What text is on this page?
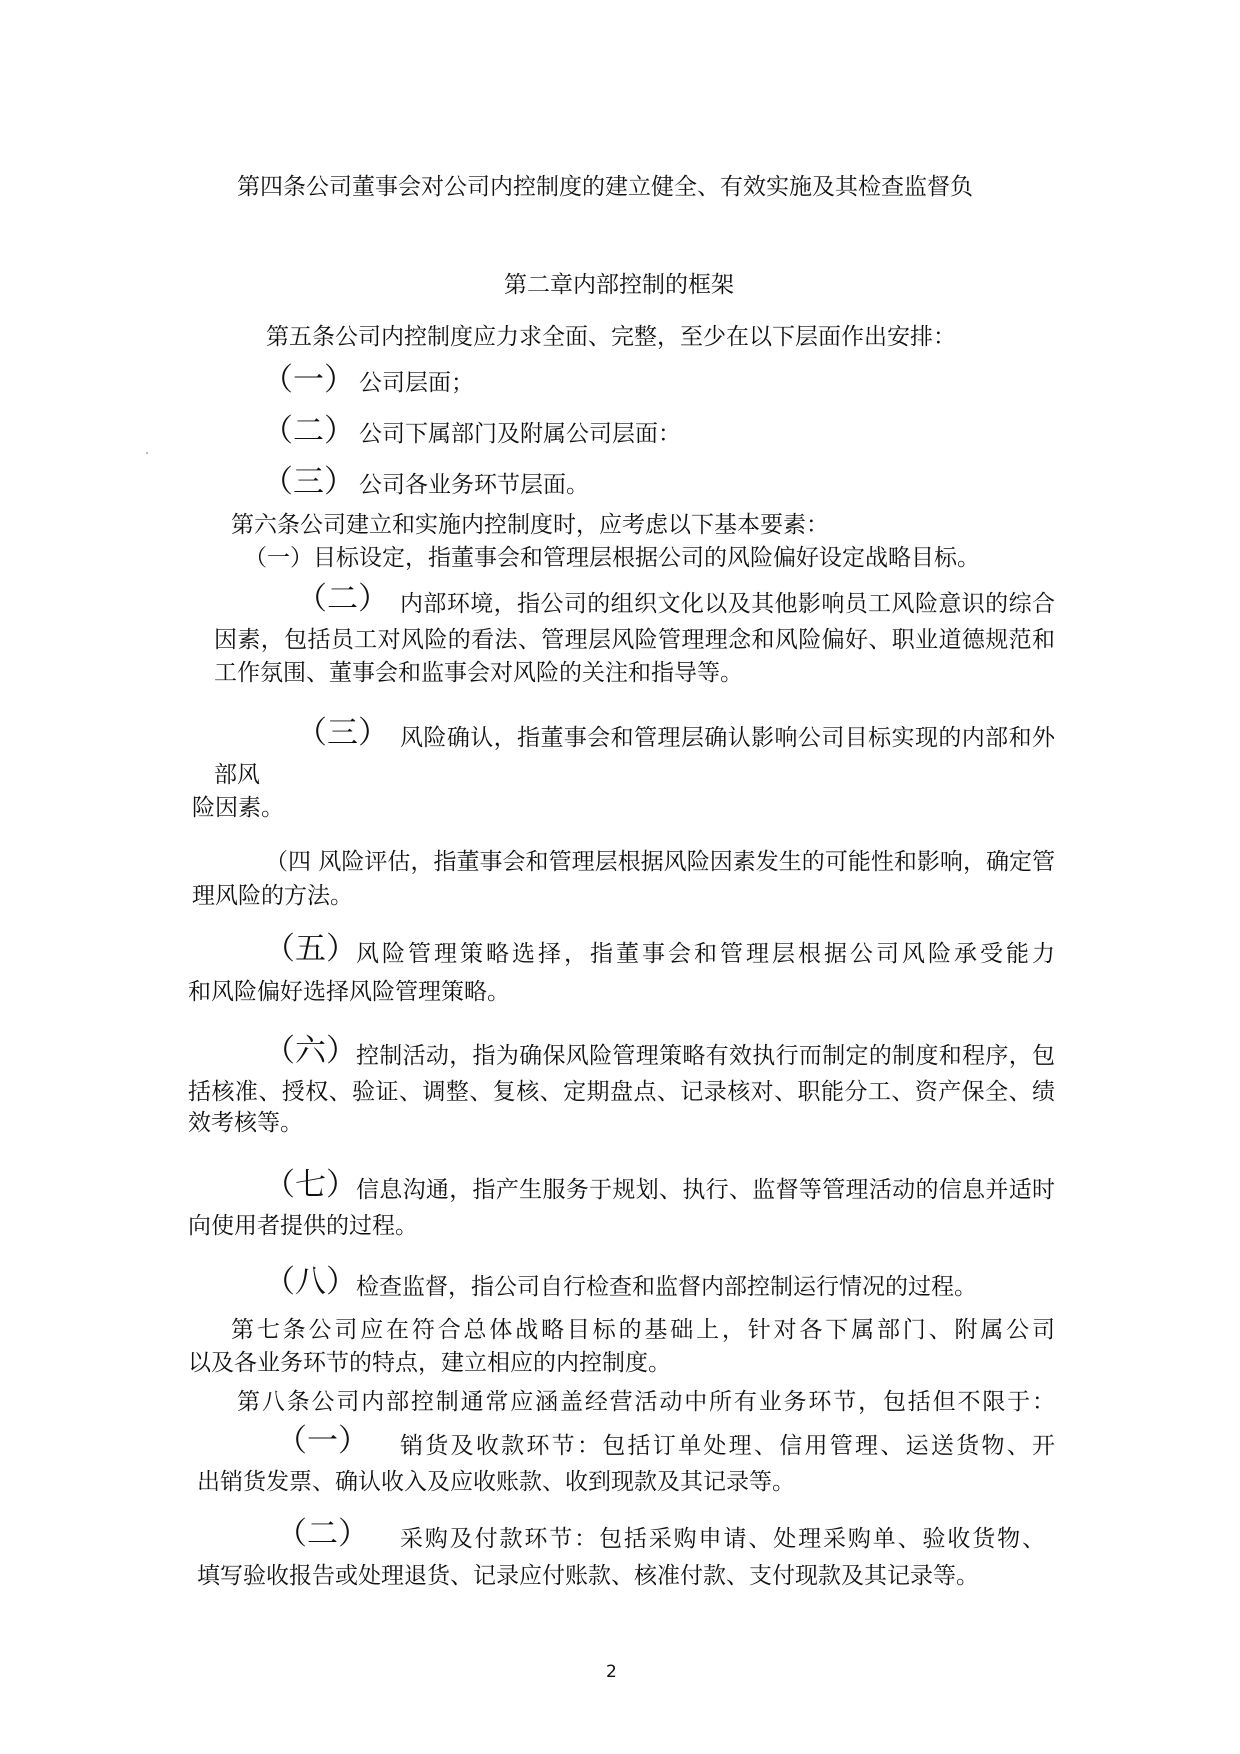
第四条公司董事会对公司内控制度的建立健全、有效实施及其检查监督负
第二章内部控制的框架
第五条公司内控制度应力求全面、完整，至少在以下层面作出安排：
（一） 公司层面；
（二） 公司下属部门及附属公司层面：
（三） 公司各业务环节层面。
第六条公司建立和实施内控制度时，应考虑以下基本要素：
（一）目标设定，指董事会和管理层根据公司的风险偏好设定战略目标。
（二） 内部环境，指公司的组织文化以及其他影响员工风险意识的综合
因素，包括员工对风险的看法、管理层风险管理理念和风险偏好、职业道德规范和
工作氛围、董事会和监事会对风险的关注和指导等。
（三） 风险确认，指董事会和管理层确认影响公司目标实现的内部和外
部风
险因素。
（四 风险评估，指董事会和管理层根据风险因素发生的可能性和影响，确定管
理风险的方法。
（五） 风险管理策略选择，指董事会和管理层根据公司风险承受能力
和风险偏好选择风险管理策略。
（六） 控制活动，指为确保风险管理策略有效执行而制定的制度和程序，包
括核准、授权、验证、调整、复核、定期盘点、记录核对、职能分工、资产保全、绩
效考核等。
（七） 信息沟通，指产生服务于规划、执行、监督等管理活动的信息并适时
向使用者提供的过程。
（八） 检查监督，指公司自行检查和监督内部控制运行情况的过程。
第七条公司应在符合总体战略目标的基础上，针对各下属部门、附属公司
以及各业务环节的特点，建立相应的内控制度。
第八条公司内部控制通常应涵盖经营活动中所有业务环节，包括但不限于：
（一） 销货及收款环节：包括订单处理、信用管理、运送货物、开
出销货发票、确认收入及应收账款、收到现款及其记录等。
（二） 采购及付款环节：包括采购申请、处理采购单、验收货物、
填写验收报告或处理退货、记录应付账款、核准付款、支付现款及其记录等。
2
